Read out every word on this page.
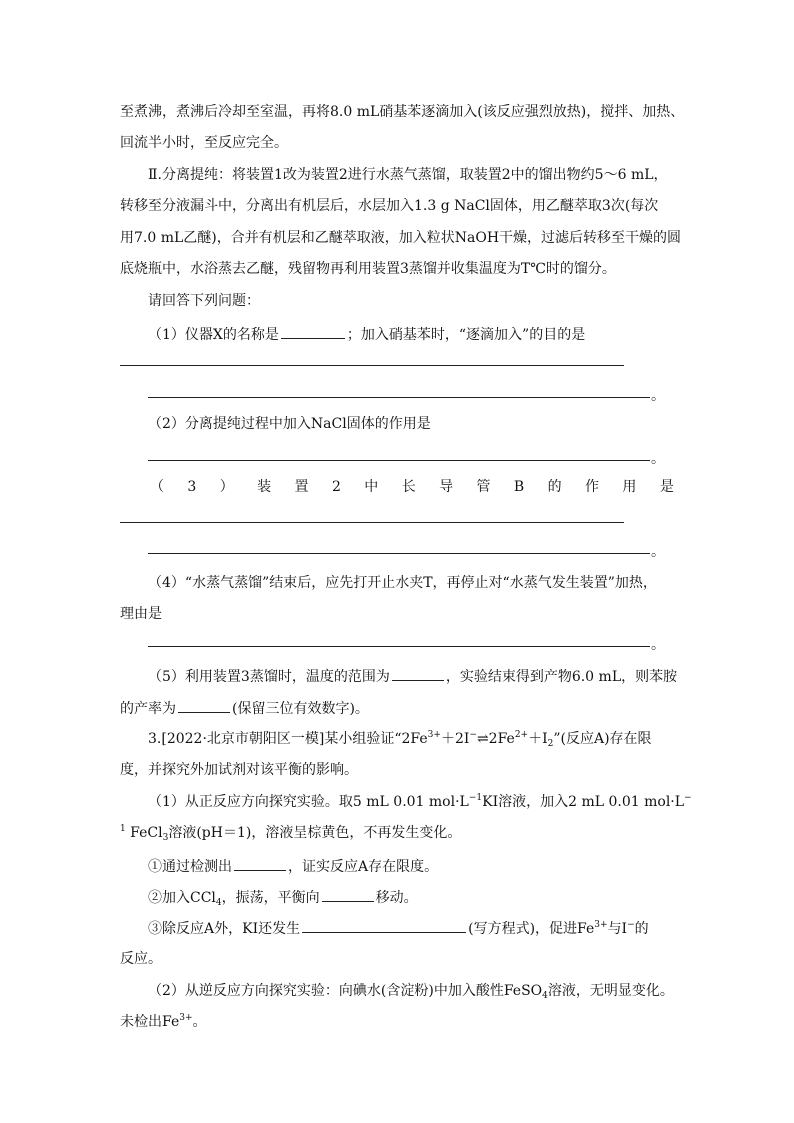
至煮沸，煮沸后冷却至室温，再将8.0 mL硝基苯逐滴加入(该反应强烈放热)，搅拌、加热、
回流半小时，至反应完全。
Ⅱ.分离提纯：将装置1改为装置2进行水蒸气蒸馏，取装置2中的馏出物约5～6 mL，
转移至分液漏斗中，分离出有机层后，水层加入1.3 g NaCl固体，用乙醚萃取3次(每次
用7.0 mL乙醚)，合并有机层和乙醚萃取液，加入粒状NaOH干燥，过滤后转移至干燥的圆
底烧瓶中，水浴蒸去乙醚，残留物再利用装置3蒸馏并收集温度为T℃时的馏分。
请回答下列问题：
（1）仪器X的名称是	；加入硝基苯时，“逐滴加入”的目的是
。
（2）分离提纯过程中加入NaCl固体的作用是
。
（ 3 ） 装 置 2 中 长 导 管 B 的 作 用 是
。
（4）“水蒸气蒸馏”结束后，应先打开止水夹T，再停止对“水蒸气发生装置”加热，
理由是
。
（5）利用装置3蒸馏时，温度的范围为	，实验结束得到产物6.0 mL，则苯胺
的产率为	(保留三位有效数字)。
3.[2022·北京市朝阳区一模]某小组验证“$2Fe^{3+}+2I^-\rightleftharpoons 2Fe^{2+}+I_2$”(反应A)存在限
度，并探究外加试剂对该平衡的影响。
（1）从正反应方向探究实验。取5 mL 0.01 $mol\cdot L^{-1}KI$溶液，加入2 mL 0.01 mol·L−
$^1$ FeCl$_3$溶液(pH＝1)，溶液呈棕黄色，不再发生变化。
①通过检测出	，证实反应A存在限度。
②加入CCl$_4$，振荡，平衡向	移动。
③除反应A外，KI还发生	(写方程式)，促进$Fe^{3+}$与I−的
反应。
（2）从逆反应方向探究实验：向碘水(含淀粉)中加入酸性FeSO$_4$溶液，无明显变化。
未检出$Fe^{3+}$。
